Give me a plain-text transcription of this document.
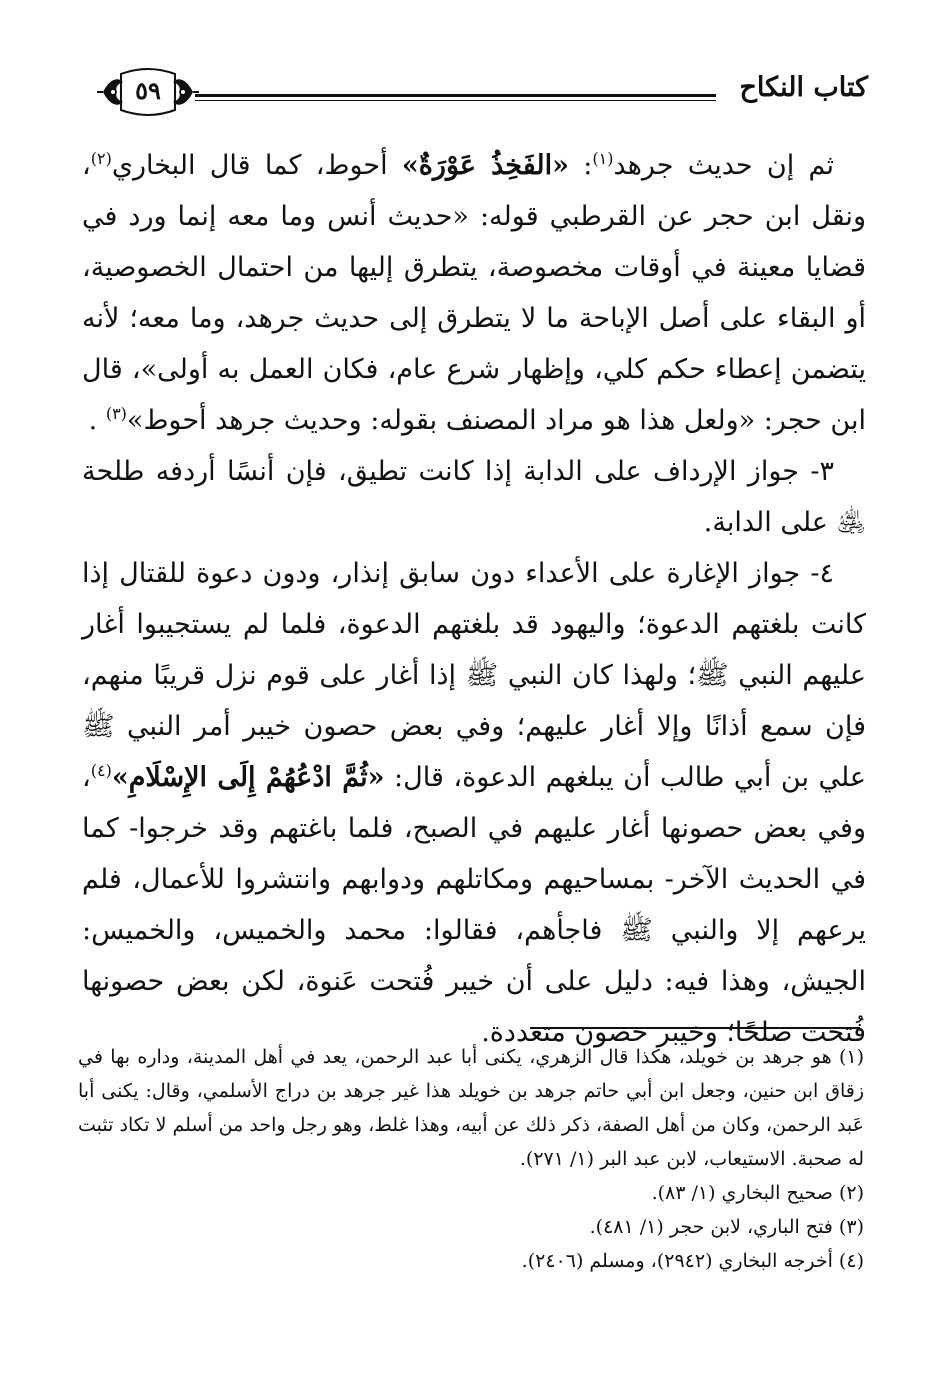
كتاب النكاح
٥٩

ثم إن حديث جرهد$^{(١)}$: «الفَخِذُ عَوْرَةٌ» أحوط، كما قال البخاري$^{(٢)}$، ونقل ابن حجر عن القرطبي قوله: «حديث أنس وما معه إنما ورد في قضايا معينة في أوقات مخصوصة، يتطرق إليها من احتمال الخصوصية، أو البقاء على أصل الإباحة ما لا يتطرق إلى حديث جرهد، وما معه؛ لأنه يتضمن إعطاء حكم كلي، وإظهار شرع عام، فكان العمل به أولى»، قال ابن حجر: «ولعل هذا هو مراد المصنف بقوله: وحديث جرهد أحوط»$^{(٣)}$ .

٣- جواز الإرداف على الدابة إذا كانت تطيق، فإن أنسًا أردفه طلحة ﵁ على الدابة.

٤- جواز الإغارة على الأعداء دون سابق إنذار، ودون دعوة للقتال إذا كانت بلغتهم الدعوة؛ واليهود قد بلغتهم الدعوة، فلما لم يستجيبوا أغار عليهم النبي ﷺ؛ ولهذا كان النبي ﷺ إذا أغار على قوم نزل قريبًا منهم، فإن سمع أذانًا وإلا أغار عليهم؛ وفي بعض حصون خيبر أمر النبي ﷺ علي بن أبي طالب أن يبلغهم الدعوة، قال: «ثُمَّ ادْعُهُمْ إِلَى الإِسْلَامِ»$^{(٤)}$، وفي بعض حصونها أغار عليهم في الصبح، فلما باغتهم وقد خرجوا- كما في الحديث الآخر- بمساحيهم ومكاتلهم ودوابهم وانتشروا للأعمال، فلم يرعهم إلا والنبي ﷺ فاجأهم، فقالوا: محمد والخميس، والخميس: الجيش، وهذا فيه: دليل على أن خيبر فُتحت عَنوة، لكن بعض حصونها فُتحت صلحًا؛ وخيبر حصون متعددة.

(١) هو جرهد بن خويلد، هكذا قال الزهري، يكنى أبا عبد الرحمن، يعد في أهل المدينة، وداره بها في زقاق ابن حنين، وجعل ابن أبي حاتم جرهد بن خويلد هذا غير جرهد بن دراج الأسلمي، وقال: يكنى أبا عَبد الرحمن، وكان من أهل الصفة، ذكر ذلك عن أبيه، وهذا غلط، وهو رجل واحد من أسلم لا تكاد تثبت له صحبة. الاستيعاب، لابن عبد البر (١/ ٢٧١).

(٢) صحيح البخاري (١/ ٨٣).

(٣) فتح الباري، لابن حجر (١/ ٤٨١).

(٤) أخرجه البخاري (٢٩٤٢)، ومسلم (٢٤٠٦).
